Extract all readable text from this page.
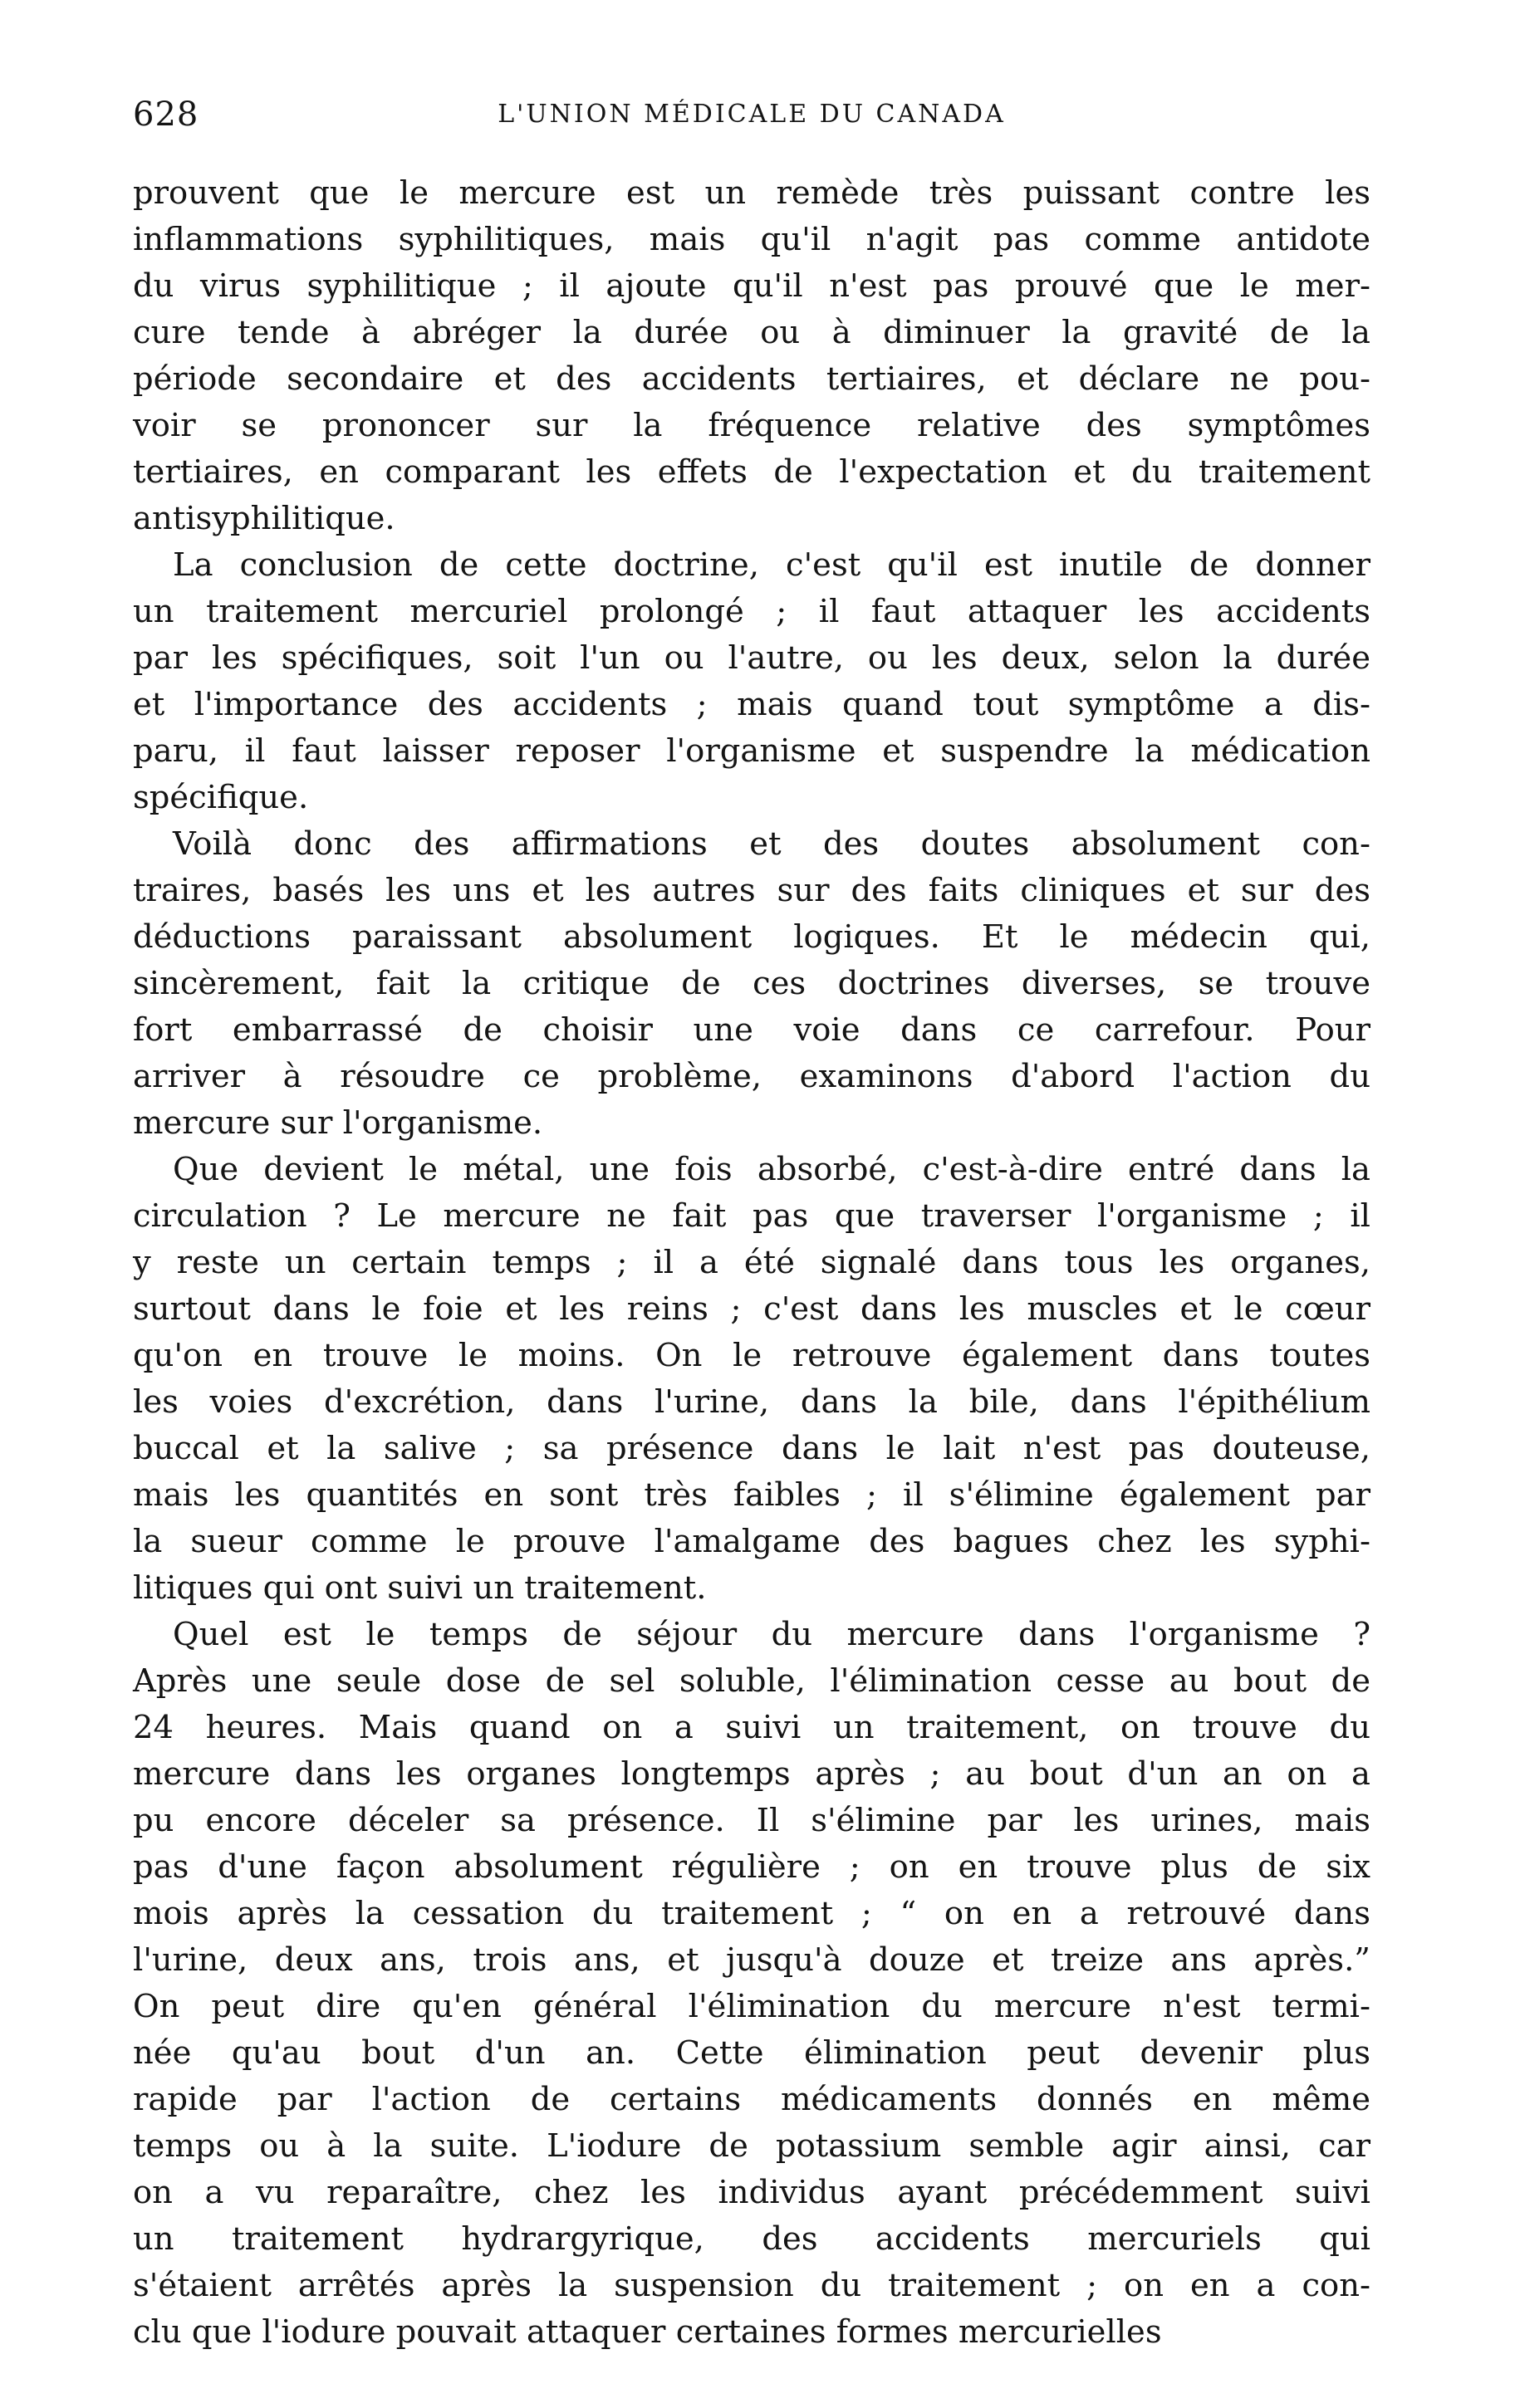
628	L'UNION MÉDICALE DU CANADA
prouvent que le mercure est un remède très puissant contre les
inflammations syphilitiques, mais qu'il n'agit pas comme antidote
du virus syphilitique ; il ajoute qu'il n'est pas prouvé que le mer-
cure tende à abréger la durée ou à diminuer la gravité de la
période secondaire et des accidents tertiaires, et déclare ne pou-
voir se prononcer sur la fréquence relative des symptômes
tertiaires, en comparant les effets de l'expectation et du traitement
antisyphilitique.
La conclusion de cette doctrine, c'est qu'il est inutile de donner
un traitement mercuriel prolongé ; il faut attaquer les accidents
par les spécifiques, soit l'un ou l'autre, ou les deux, selon la durée
et l'importance des accidents ; mais quand tout symptôme a dis-
paru, il faut laisser reposer l'organisme et suspendre la médication
spécifique.
Voilà donc des affirmations et des doutes absolument con-
traires, basés les uns et les autres sur des faits cliniques et sur des
déductions paraissant absolument logiques. Et le médecin qui,
sincèrement, fait la critique de ces doctrines diverses, se trouve
fort embarrassé de choisir une voie dans ce carrefour. Pour
arriver à résoudre ce problème, examinons d'abord l'action du
mercure sur l'organisme.
Que devient le métal, une fois absorbé, c'est-à-dire entré dans la
circulation ? Le mercure ne fait pas que traverser l'organisme ; il
y reste un certain temps ; il a été signalé dans tous les organes,
surtout dans le foie et les reins ; c'est dans les muscles et le cœur
qu'on en trouve le moins. On le retrouve également dans toutes
les voies d'excrétion, dans l'urine, dans la bile, dans l'épithélium
buccal et la salive ; sa présence dans le lait n'est pas douteuse,
mais les quantités en sont très faibles ; il s'élimine également par
la sueur comme le prouve l'amalgame des bagues chez les syphi-
litiques qui ont suivi un traitement.
Quel est le temps de séjour du mercure dans l'organisme ?
Après une seule dose de sel soluble, l'élimination cesse au bout de
24 heures. Mais quand on a suivi un traitement, on trouve du
mercure dans les organes longtemps après ; au bout d'un an on a
pu encore déceler sa présence. Il s'élimine par les urines, mais
pas d'une façon absolument régulière ; on en trouve plus de six
mois après la cessation du traitement ; “ on en a retrouvé dans
l'urine, deux ans, trois ans, et jusqu'à douze et treize ans après.”
On peut dire qu'en général l'élimination du mercure n'est termi-
née qu'au bout d'un an. Cette élimination peut devenir plus
rapide par l'action de certains médicaments donnés en même
temps ou à la suite. L'iodure de potassium semble agir ainsi, car
on a vu reparaître, chez les individus ayant précédemment suivi
un traitement hydrargyrique, des accidents mercuriels qui
s'étaient arrêtés après la suspension du traitement ; on en a con-
clu que l'iodure pouvait attaquer certaines formes mercurielles
